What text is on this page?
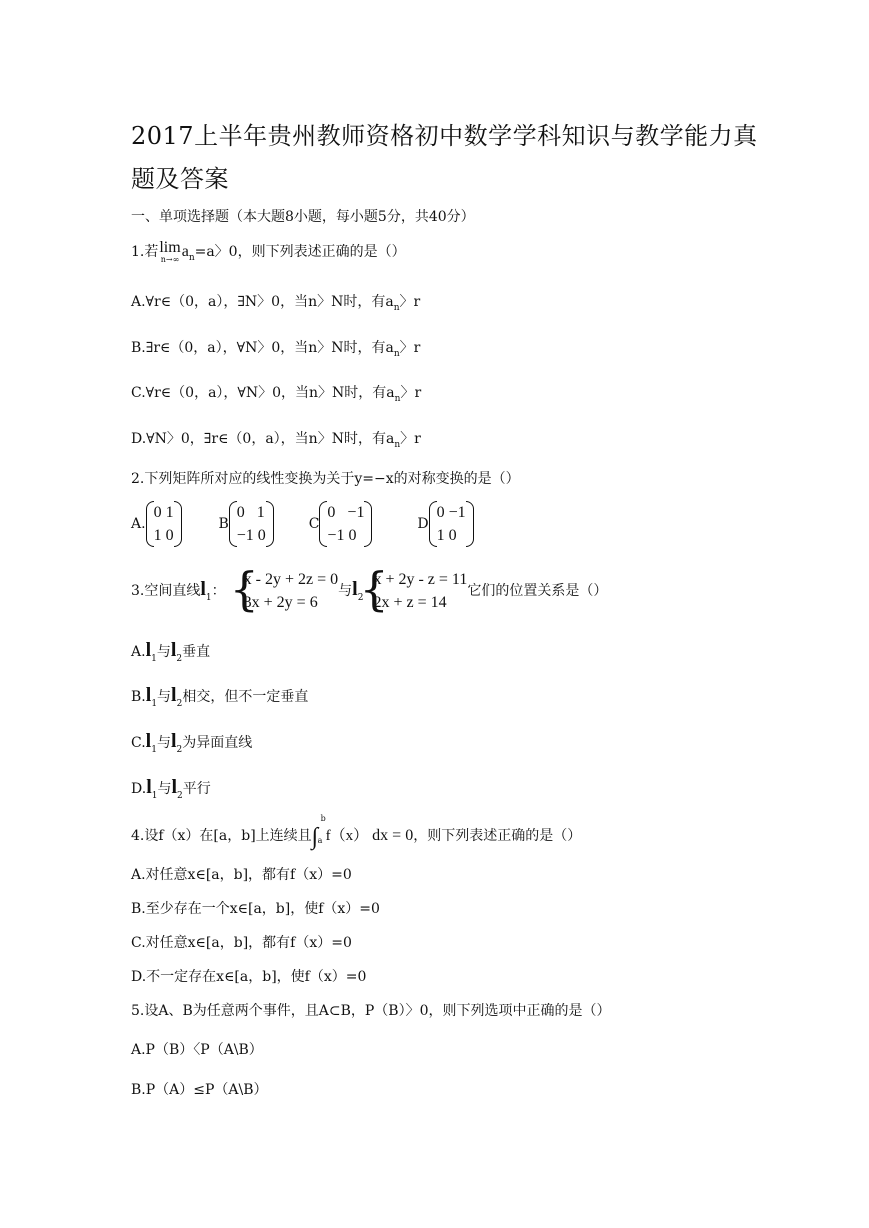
2017上半年贵州教师资格初中数学学科知识与教学能力真
题及答案
一、单项选择题（本大题8小题，每小题5分，共40分）
1.若 lim
n→∞ $a_n=a$〉0，则下列表述正确的是（）
A.∀r∈（0，a），∃N〉0，当n〉N时，有$a_n$〉r
B.∃r∈（0，a），∀N〉0，当n〉N时，有$a_n$〉r
C.∀r∈（0，a），∀N〉0，当n〉N时，有$a_n$〉r
D.∀N〉0，∃r∈（0，a），当n〉N时，有$a_n$〉r
2.下列矩阵所对应的线性变换为关于y=−x的对称变换的是（）
A.
0 1
1 0
B
0   1
−1 0
C
0   −1
−1 0
D
0 −1
1 0
3.空间直线$l_1$：
{ x - 2y + 2z = 0
3x + 2y = 6
与$l_2$
{ x + 2y - z = 11
2x + z = 14
它们的位置关系是（）
$A.l_1$与$l_2$垂直
$B.l_1$与$l_2$相交，但不一定垂直
$C.l_1$与$l_2$为异面直线
$D.l_1$与$l_2$平行
4.设f（x）在[a，b]上连续且∫
b
a f（x） dx = 0，则下列表述正确的是（）
A.对任意x∈[a，b]，都有f（x）=0
B.至少存在一个x∈[a，b]，使f（x）=0
C.对任意x∈[a，b]，都有f（x）=0
D.不一定存在x∈[a，b]，使f（x）=0
5.设A、B为任意两个事件，且A⊂B，P（B）〉0，则下列选项中正确的是（）
A.P（B）〈P（A\B）
B.P（A）≤P（A\B）
